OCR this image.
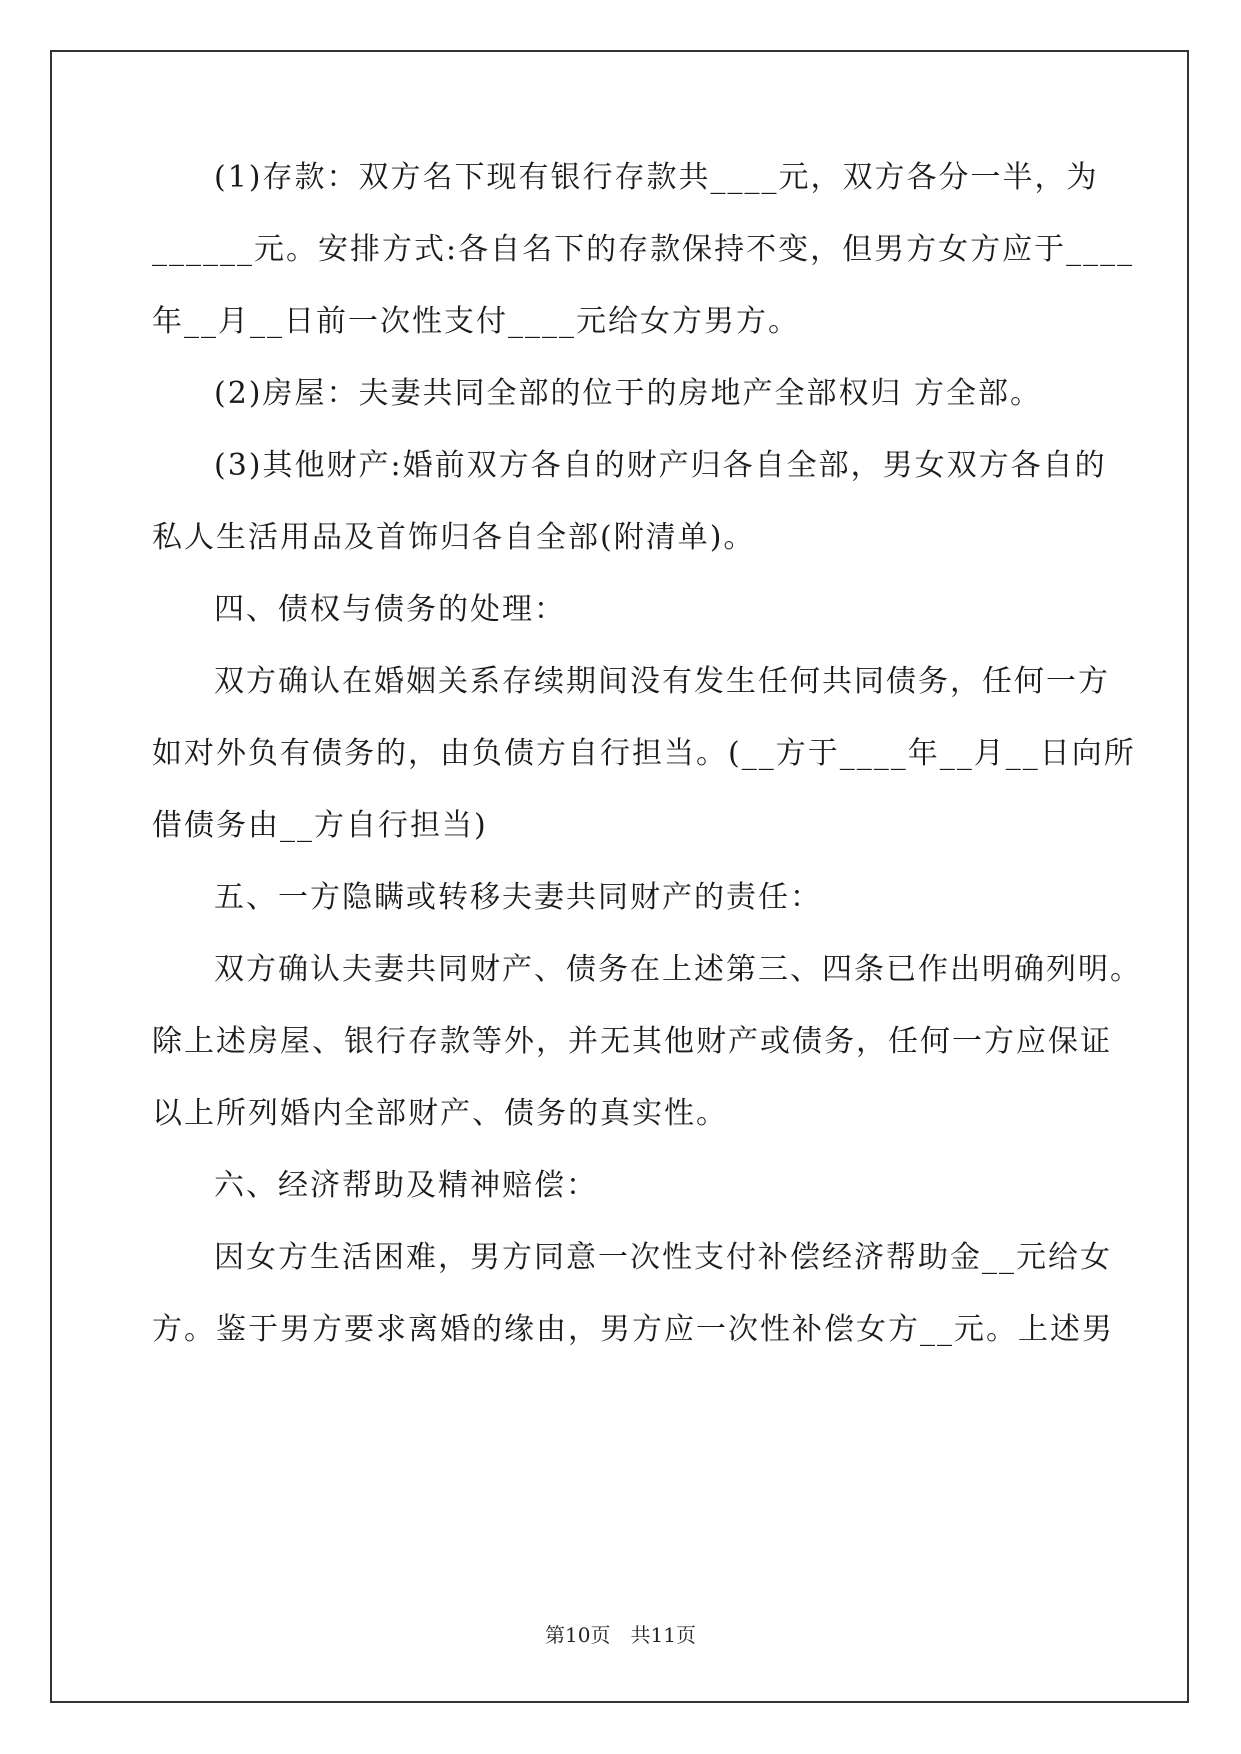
(1)存款：双方名下现有银行存款共____元，双方各分一半，为
______元。安排方式:各自名下的存款保持不变，但男方女方应于____
年__月__日前一次性支付____元给女方男方。
(2)房屋：夫妻共同全部的位于的房地产全部权归 方全部。
(3)其他财产:婚前双方各自的财产归各自全部，男女双方各自的
私人生活用品及首饰归各自全部(附清单)。
四、债权与债务的处理：
双方确认在婚姻关系存续期间没有发生任何共同债务，任何一方
如对外负有债务的，由负债方自行担当。(__方于____年__月__日向所
借债务由__方自行担当)
五、一方隐瞒或转移夫妻共同财产的责任：
双方确认夫妻共同财产、债务在上述第三、四条已作出明确列明。
除上述房屋、银行存款等外，并无其他财产或债务，任何一方应保证
以上所列婚内全部财产、债务的真实性。
六、经济帮助及精神赔偿：
因女方生活困难，男方同意一次性支付补偿经济帮助金__元给女
方。鉴于男方要求离婚的缘由，男方应一次性补偿女方__元。上述男
第10页　共11页
